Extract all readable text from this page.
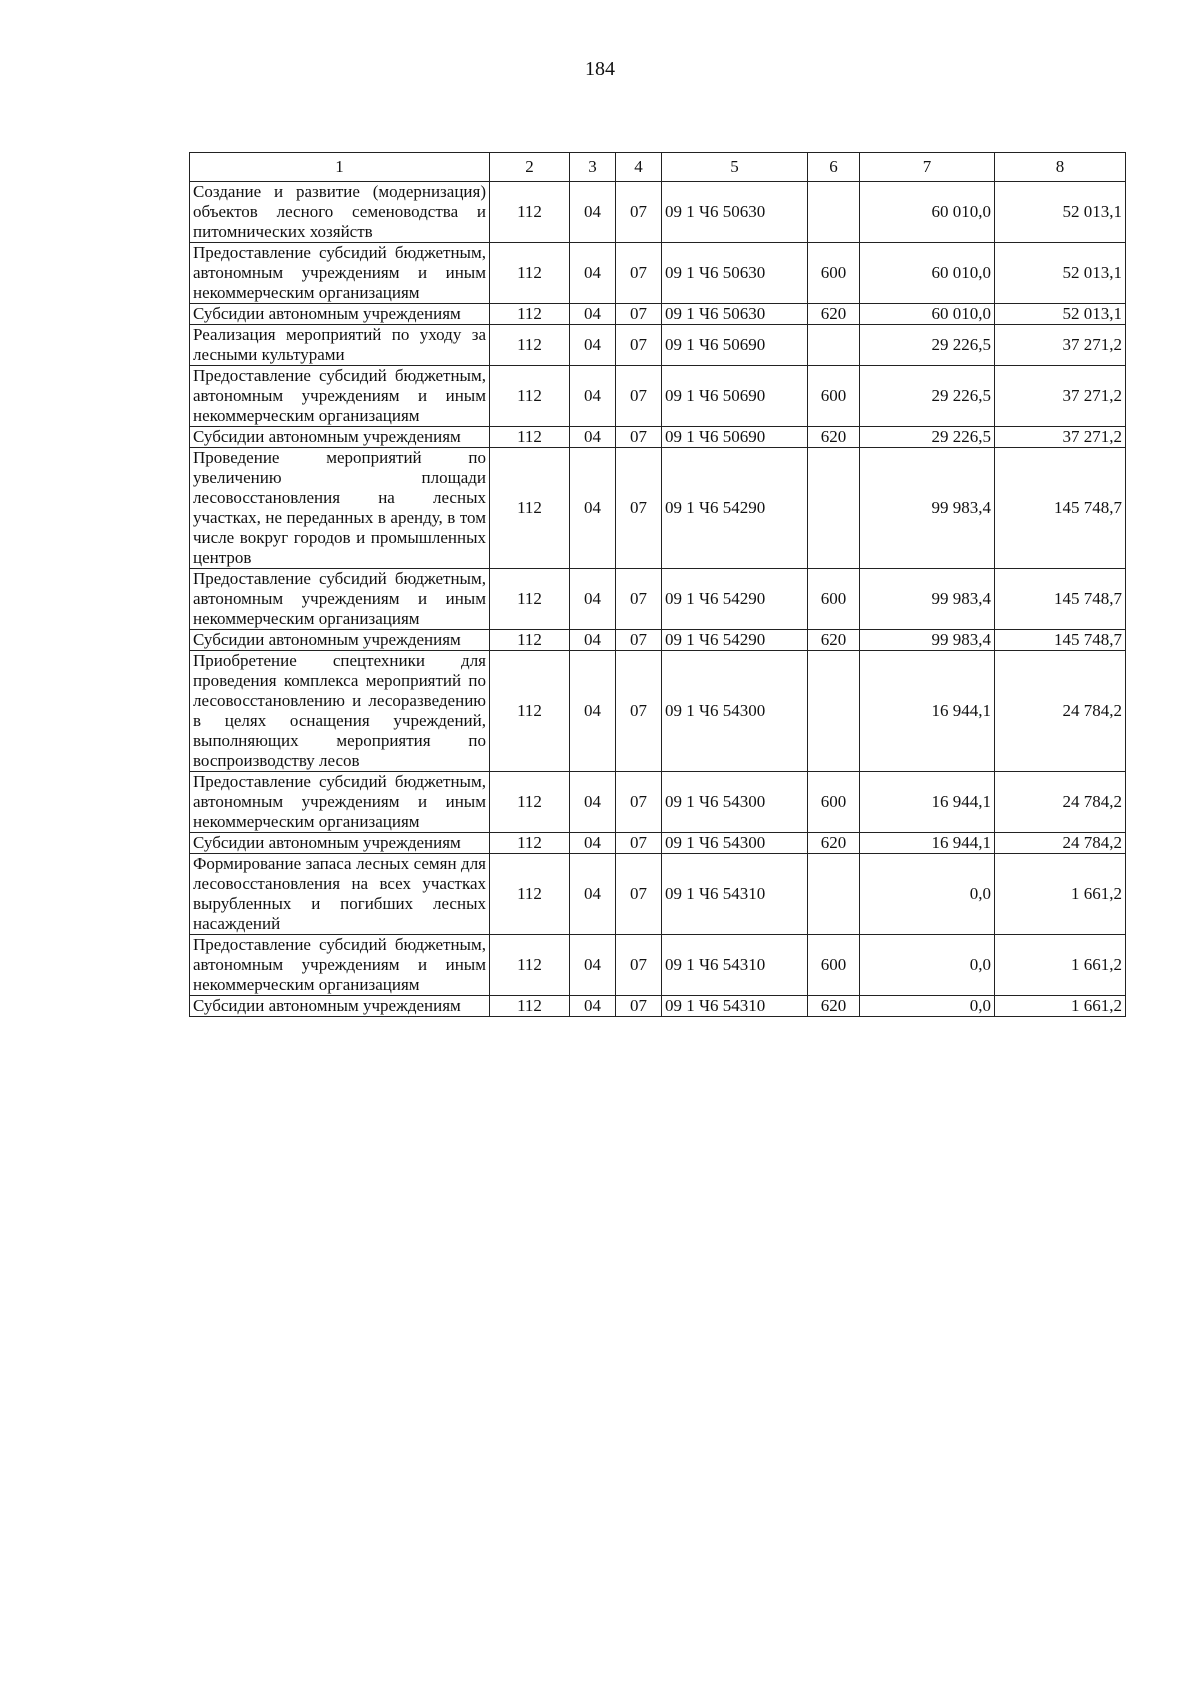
184
1	2	3	4	5	6	7	8
Создание и развитие (модернизация) объектов лесного семеноводства и питомнических хозяйств	112	04	07	09 1 Ч6 50630		60 010,0	52 013,1
Предоставление субсидий бюджетным, автономным учреждениям и иным некоммерческим организациям	112	04	07	09 1 Ч6 50630	600	60 010,0	52 013,1
Субсидии автономным учреждениям	112	04	07	09 1 Ч6 50630	620	60 010,0	52 013,1
Реализация мероприятий по уходу за лесными культурами	112	04	07	09 1 Ч6 50690		29 226,5	37 271,2
Предоставление субсидий бюджетным, автономным учреждениям и иным некоммерческим организациям	112	04	07	09 1 Ч6 50690	600	29 226,5	37 271,2
Субсидии автономным учреждениям	112	04	07	09 1 Ч6 50690	620	29 226,5	37 271,2
Проведение мероприятий по увеличению площади лесовосстановления на лесных участках, не переданных в аренду, в том числе вокруг городов и промышленных центров	112	04	07	09 1 Ч6 54290		99 983,4	145 748,7
Предоставление субсидий бюджетным, автономным учреждениям и иным некоммерческим организациям	112	04	07	09 1 Ч6 54290	600	99 983,4	145 748,7
Субсидии автономным учреждениям	112	04	07	09 1 Ч6 54290	620	99 983,4	145 748,7
Приобретение спецтехники для проведения комплекса мероприятий по лесовосстановлению и лесоразведению в целях оснащения учреждений, выполняющих мероприятия по воспроизводству лесов	112	04	07	09 1 Ч6 54300		16 944,1	24 784,2
Предоставление субсидий бюджетным, автономным учреждениям и иным некоммерческим организациям	112	04	07	09 1 Ч6 54300	600	16 944,1	24 784,2
Субсидии автономным учреждениям	112	04	07	09 1 Ч6 54300	620	16 944,1	24 784,2
Формирование запаса лесных семян для лесовосстановления на всех участках вырубленных и погибших лесных насаждений	112	04	07	09 1 Ч6 54310		0,0	1 661,2
Предоставление субсидий бюджетным, автономным учреждениям и иным некоммерческим организациям	112	04	07	09 1 Ч6 54310	600	0,0	1 661,2
Субсидии автономным учреждениям	112	04	07	09 1 Ч6 54310	620	0,0	1 661,2
